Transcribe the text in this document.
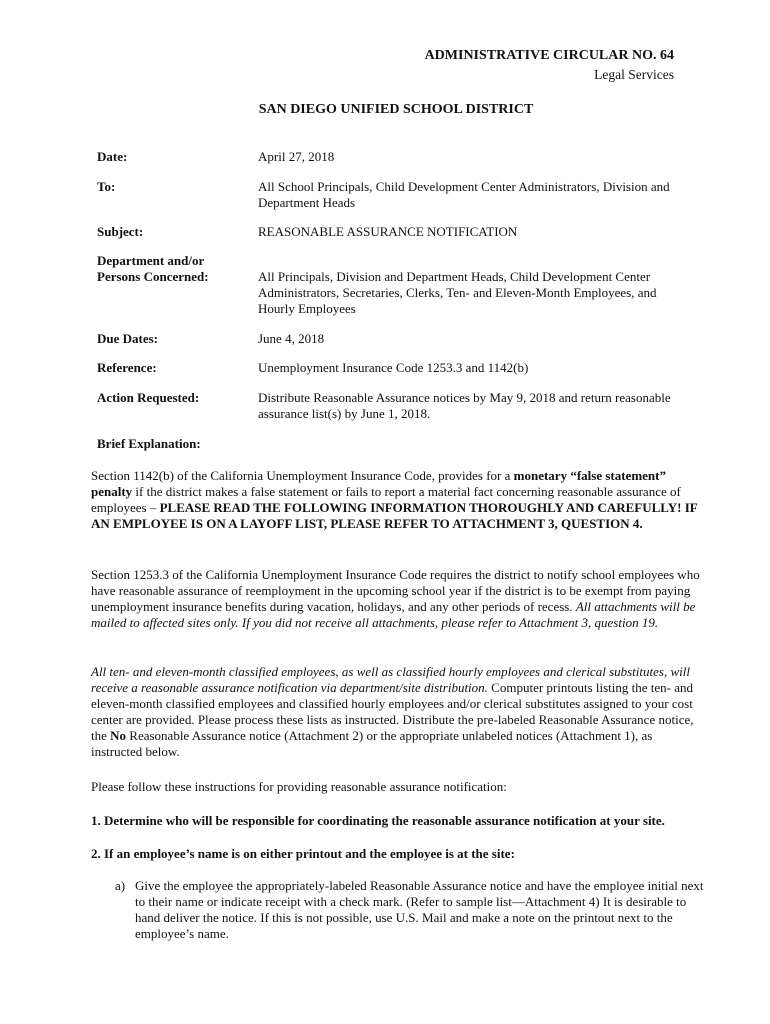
ADMINISTRATIVE CIRCULAR NO. 64
Legal Services
SAN DIEGO UNIFIED SCHOOL DISTRICT
Date:	April 27, 2018
To:	All School Principals, Child Development Center Administrators, Division and Department Heads
Subject:	REASONABLE ASSURANCE NOTIFICATION
Department and/or
Persons Concerned:	All Principals, Division and Department Heads, Child Development Center Administrators, Secretaries, Clerks, Ten- and Eleven-Month Employees, and Hourly Employees
Due Dates:	June 4, 2018
Reference:	Unemployment Insurance Code 1253.3 and 1142(b)
Action Requested:	Distribute Reasonable Assurance notices by May 9, 2018 and return reasonable assurance list(s) by June 1, 2018.
Brief Explanation:

Section 1142(b) of the California Unemployment Insurance Code, provides for a monetary “false statement” penalty if the district makes a false statement or fails to report a material fact concerning reasonable assurance of employees – PLEASE READ THE FOLLOWING INFORMATION THOROUGHLY AND CAREFULLY! IF AN EMPLOYEE IS ON A LAYOFF LIST, PLEASE REFER TO ATTACHMENT 3, QUESTION 4.

Section 1253.3 of the California Unemployment Insurance Code requires the district to notify school employees who have reasonable assurance of reemployment in the upcoming school year if the district is to be exempt from paying unemployment insurance benefits during vacation, holidays, and any other periods of recess. All attachments will be mailed to affected sites only. If you did not receive all attachments, please refer to Attachment 3, question 19.

All ten- and eleven-month classified employees, as well as classified hourly employees and clerical substitutes, will receive a reasonable assurance notification via department/site distribution. Computer printouts listing the ten- and eleven-month classified employees and classified hourly employees and/or clerical substitutes assigned to your cost center are provided. Please process these lists as instructed. Distribute the pre-labeled Reasonable Assurance notice, the No Reasonable Assurance notice (Attachment 2) or the appropriate unlabeled notices (Attachment 1), as instructed below.

Please follow these instructions for providing reasonable assurance notification:

1. Determine who will be responsible for coordinating the reasonable assurance notification at your site.

2. If an employee’s name is on either printout and the employee is at the site:

a) Give the employee the appropriately-labeled Reasonable Assurance notice and have the employee initial next to their name or indicate receipt with a check mark. (Refer to sample list—Attachment 4) It is desirable to hand deliver the notice. If this is not possible, use U.S. Mail and make a note on the printout next to the employee’s name.
